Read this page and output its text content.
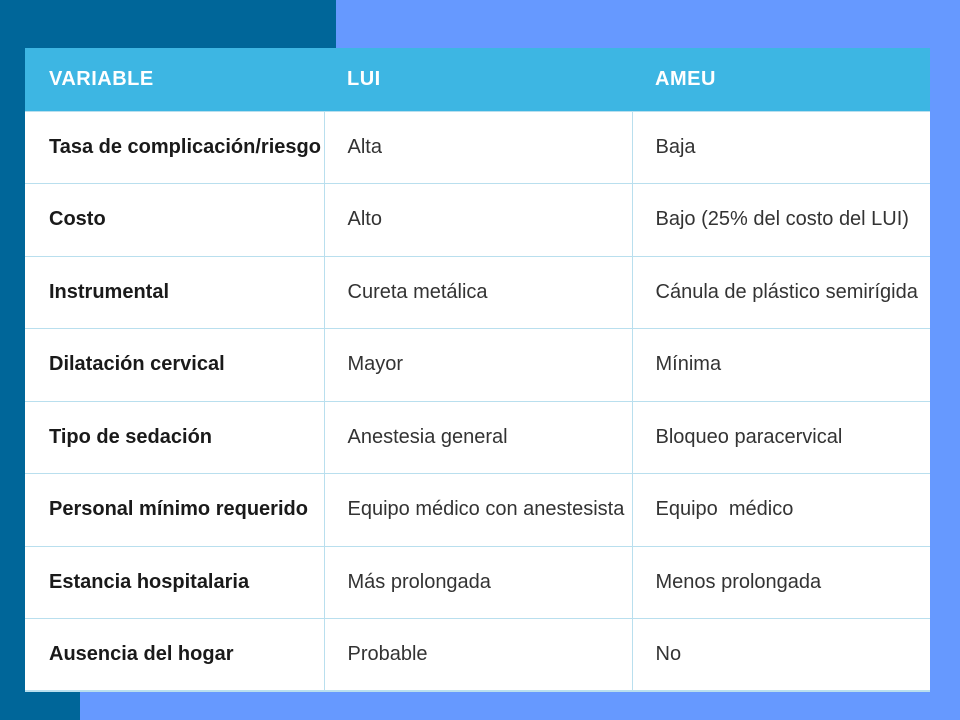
VARIABLE	LUI	AMEU
Tasa de complicación/riesgo	Alta	Baja
Costo	Alto	Bajo (25% del costo del LUI)
Instrumental	Cureta metálica	Cánula de plástico semirígida
Dilatación cervical	Mayor	Mínima
Tipo de sedación	Anestesia general	Bloqueo paracervical
Personal mínimo requerido	Equipo médico con anestesista	Equipo  médico
Estancia hospitalaria	Más prolongada	Menos prolongada
Ausencia del hogar	Probable	No
